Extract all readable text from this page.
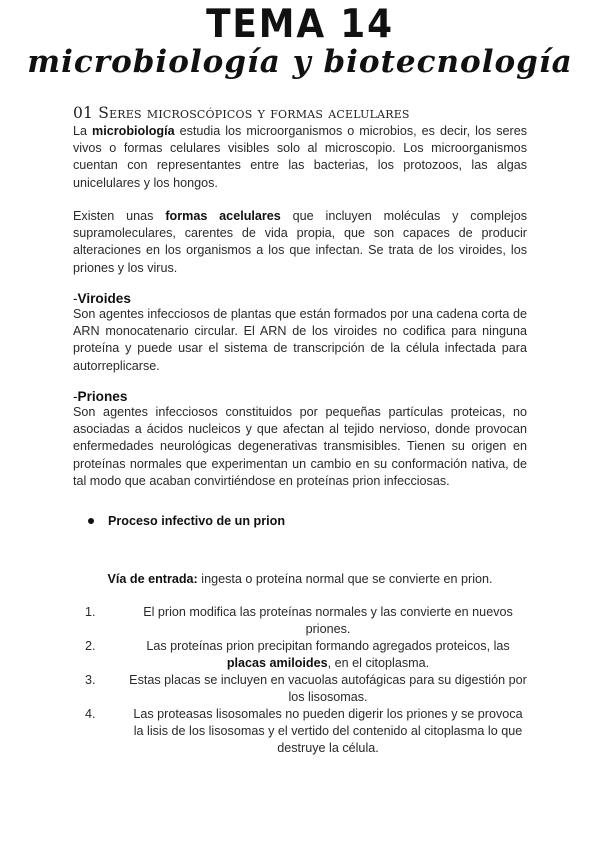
TEMA 14
microbiología y biotecnología
01 Seres microscópicos y formas acelulares

La microbiología estudia los microorganismos o microbios, es decir, los seres vivos o formas celulares visibles solo al microscopio. Los microorganismos cuentan con representantes entre las bacterias, los protozoos, las algas unicelulares y los hongos.

Existen unas formas acelulares que incluyen moléculas y complejos supramoleculares, carentes de vida propia, que son capaces de producir alteraciones en los organismos a los que infectan. Se trata de los viroides, los priones y los virus.

-Viroides

Son agentes infecciosos de plantas que están formados por una cadena corta de ARN monocatenario circular. El ARN de los viroides no codifica para ninguna proteína y puede usar el sistema de transcripción de la célula infectada para autorreplicarse.

-Priones

Son agentes infecciosos constituidos por pequeñas partículas proteicas, no asociadas a ácidos nucleicos y que afectan al tejido nervioso, donde provocan enfermedades neurológicas degenerativas transmisibles. Tienen su origen en proteínas normales que experimentan un cambio en su conformación nativa, de tal modo que acaban convirtiéndose en proteínas prion infecciosas.

Proceso infectivo de un prion
Vía de entrada: ingesta o proteína normal que se convierte en prion.
1.	El prion modifica las proteínas normales y las convierte en nuevos priones.
2.	Las proteínas prion precipitan formando agregados proteicos, las placas amiloides, en el citoplasma.
3.	Estas placas se incluyen en vacuolas autofágicas para su digestión por los lisosomas.
4.	Las proteasas lisosomales no pueden digerir los priones y se provoca la lisis de los lisosomas y el vertido del contenido al citoplasma lo que destruye la célula.
